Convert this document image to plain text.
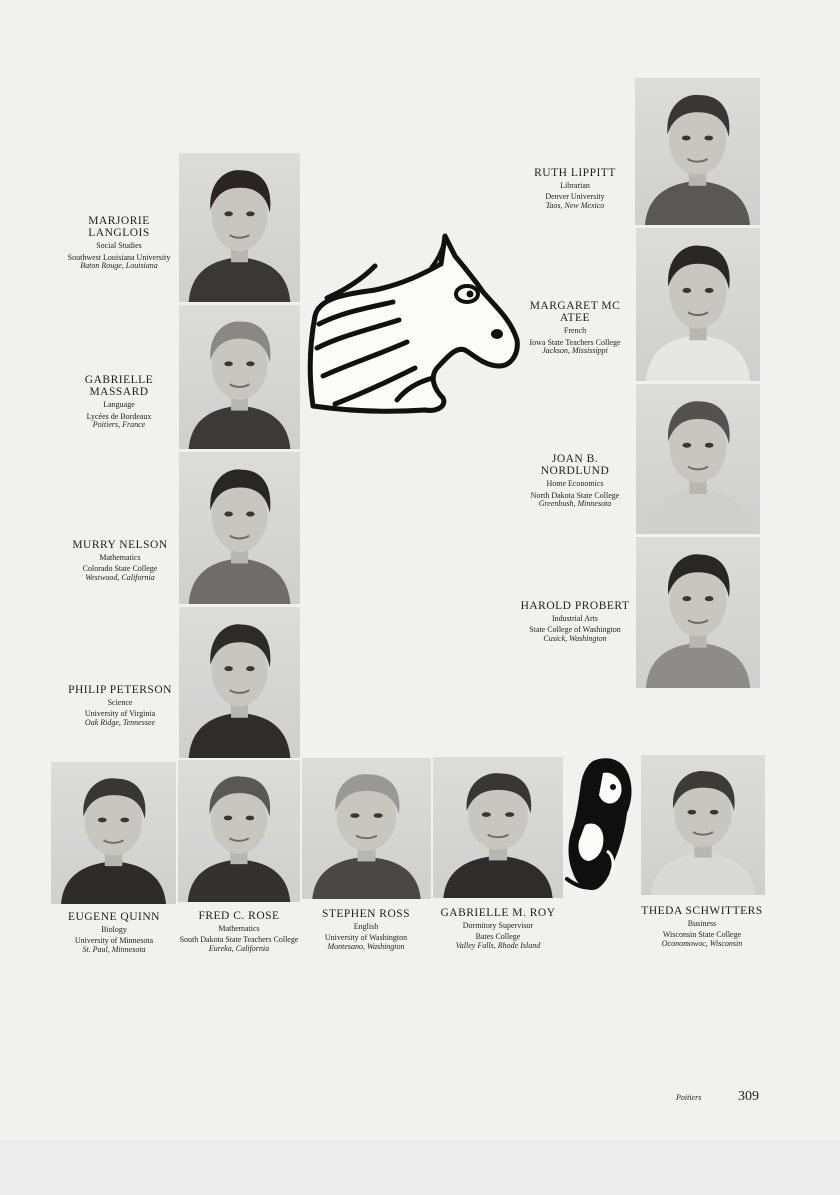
MARJORIE LANGLOIS
Social Studies
Southwest Louisiana University
Baton Rouge, Louisiana
GABRIELLE MASSARD
Language
Lycées de Bordeaux
Poitiers, France
MURRY NELSON
Mathematics
Colorado State College
Westwood, California
PHILIP PETERSON
Science
University of Virginia
Oak Ridge, Tennessee
RUTH LIPPITT
Librarian
Denver University
Taos, New Mexico
MARGARET MC ATEE
French
Iowa State Teachers College
Jackson, Mississippi
JOAN B. NORDLUND
Home Economics
North Dakota State College
Greenbush, Minnesota
HAROLD PROBERT
Industrial Arts
State College of Washington
Cusick, Washington
EUGENE QUINN
Biology
University of Minnesota
St. Paul, Minnesota
FRED C. ROSE
Mathematics
South Dakota State Teachers College
Eureka, California
STEPHEN ROSS
English
University of Washington
Montesano, Washington
GABRIELLE M. ROY
Dormitory Supervisor
Bates College
Valley Falls, Rhode Island
THEDA SCHWITTERS
Business
Wisconsin State College
Oconomowoc, Wisconsin
Poitiers	309
